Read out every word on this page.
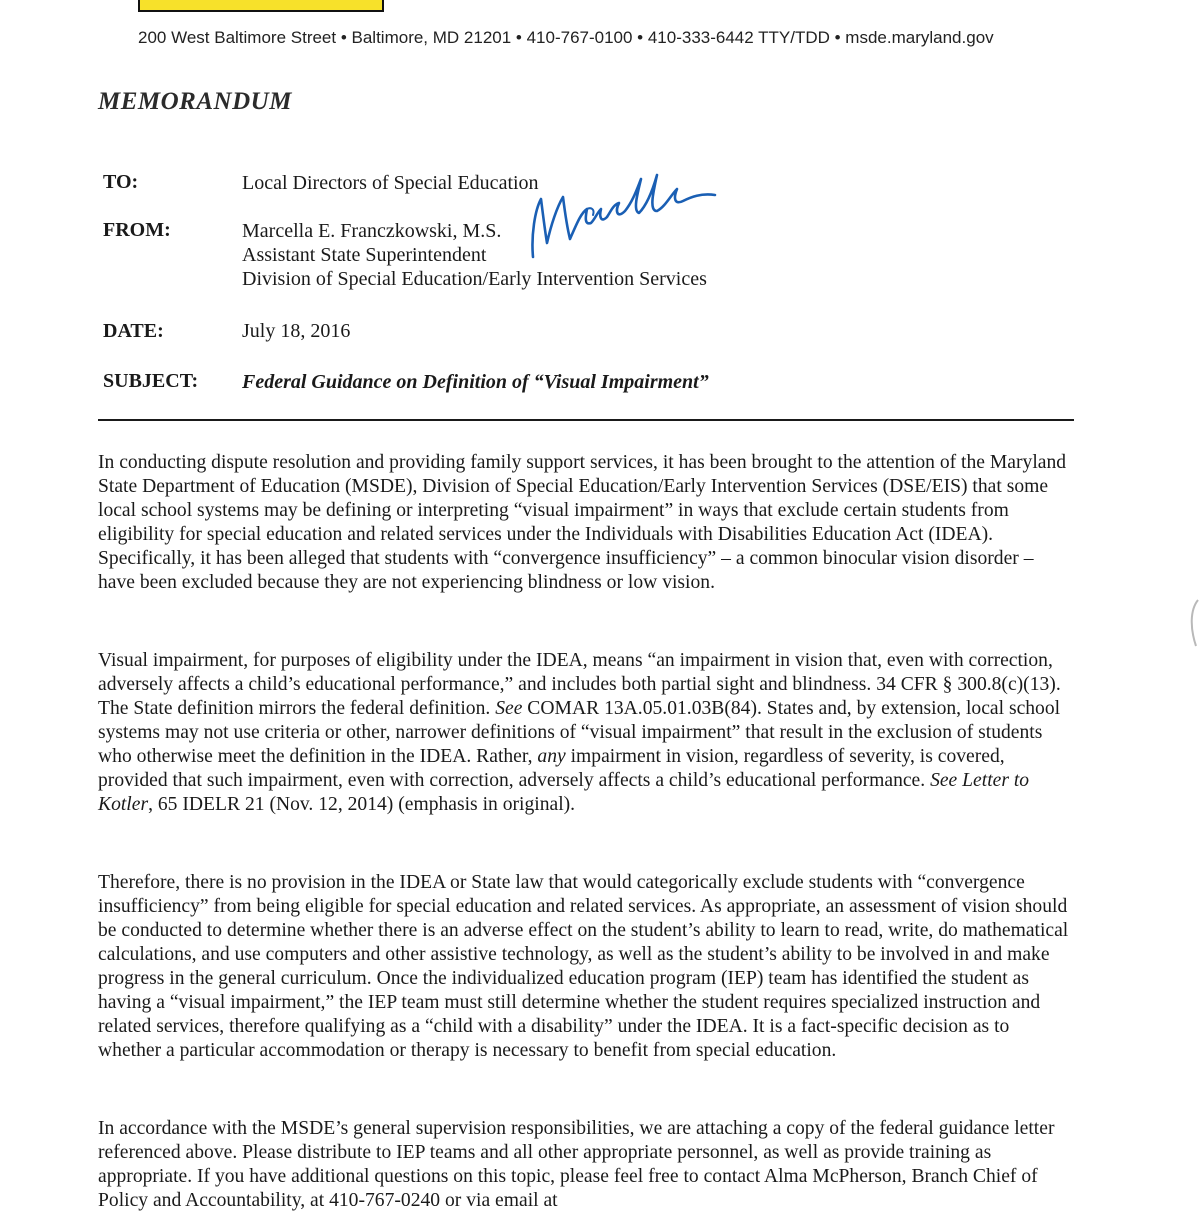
200 West Baltimore Street • Baltimore, MD 21201 • 410-767-0100 • 410-333-6442 TTY/TDD • msde.maryland.gov
MEMORANDUM
TO:	Local Directors of Special Education
FROM:	Marcella E. Franczkowski, M.S.
Assistant State Superintendent
Division of Special Education/Early Intervention Services
DATE:	July 18, 2016
SUBJECT: Federal Guidance on Definition of “Visual Impairment”

In conducting dispute resolution and providing family support services, it has been brought to the attention of the Maryland State Department of Education (MSDE), Division of Special Education/Early Intervention Services (DSE/EIS) that some local school systems may be defining or interpreting “visual impairment” in ways that exclude certain students from eligibility for special education and related services under the Individuals with Disabilities Education Act (IDEA). Specifically, it has been alleged that students with “convergence insufficiency” – a common binocular vision disorder – have been excluded because they are not experiencing blindness or low vision.

Visual impairment, for purposes of eligibility under the IDEA, means “an impairment in vision that, even with correction, adversely affects a child’s educational performance,” and includes both partial sight and blindness. 34 CFR § 300.8(c)(13). The State definition mirrors the federal definition. See COMAR 13A.05.01.03B(84). States and, by extension, local school systems may not use criteria or other, narrower definitions of “visual impairment” that result in the exclusion of students who otherwise meet the definition in the IDEA. Rather, any impairment in vision, regardless of severity, is covered, provided that such impairment, even with correction, adversely affects a child’s educational performance. See Letter to Kotler, 65 IDELR 21 (Nov. 12, 2014) (emphasis in original).

Therefore, there is no provision in the IDEA or State law that would categorically exclude students with “convergence insufficiency” from being eligible for special education and related services. As appropriate, an assessment of vision should be conducted to determine whether there is an adverse effect on the student’s ability to learn to read, write, do mathematical calculations, and use computers and other assistive technology, as well as the student’s ability to be involved in and make progress in the general curriculum. Once the individualized education program (IEP) team has identified the student as having a “visual impairment,” the IEP team must still determine whether the student requires specialized instruction and related services, therefore qualifying as a “child with a disability” under the IDEA. It is a fact-specific decision as to whether a particular accommodation or therapy is necessary to benefit from special education.

In accordance with the MSDE’s general supervision responsibilities, we are attaching a copy of the federal guidance letter referenced above. Please distribute to IEP teams and all other appropriate personnel, as well as provide training as appropriate. If you have additional questions on this topic, please feel free to contact Alma McPherson, Branch Chief of Policy and Accountability, at 410-767-0240 or via email at
